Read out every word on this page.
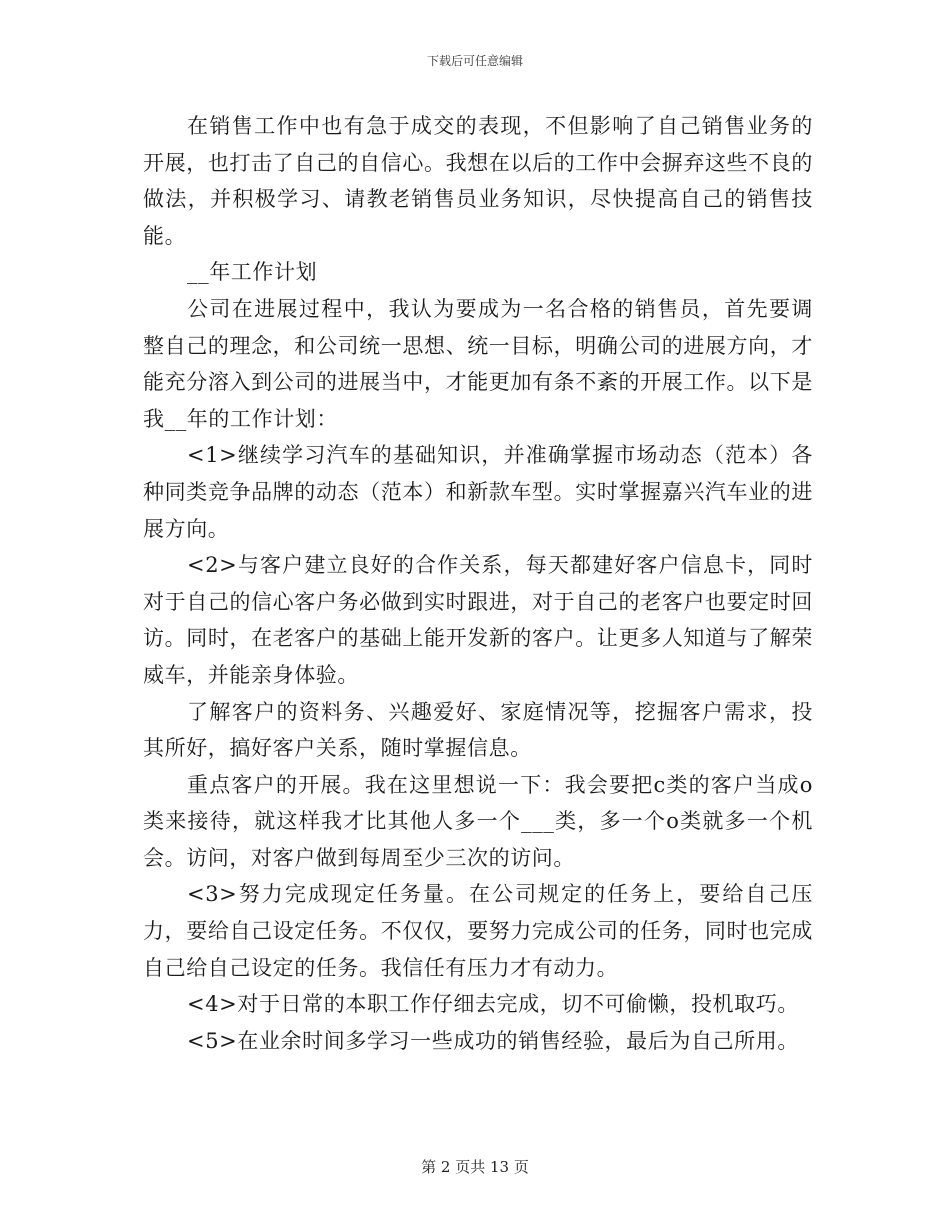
下载后可任意编辑

在销售工作中也有急于成交的表现，不但影响了自己销售业务的开展，也打击了自己的自信心。我想在以后的工作中会摒弃这些不良的做法，并积极学习、请教老销售员业务知识，尽快提高自己的销售技能。

__年工作计划

公司在进展过程中，我认为要成为一名合格的销售员，首先要调整自己的理念，和公司统一思想、统一目标，明确公司的进展方向，才能充分溶入到公司的进展当中，才能更加有条不紊的开展工作。以下是我__年的工作计划：

<1>继续学习汽车的基础知识，并准确掌握市场动态（范本）各种同类竞争品牌的动态（范本）和新款车型。实时掌握嘉兴汽车业的进展方向。

<2>与客户建立良好的合作关系，每天都建好客户信息卡，同时对于自己的信心客户务必做到实时跟进，对于自己的老客户也要定时回访。同时，在老客户的基础上能开发新的客户。让更多人知道与了解荣威车，并能亲身体验。

了解客户的资料务、兴趣爱好、家庭情况等，挖掘客户需求，投其所好，搞好客户关系，随时掌握信息。

重点客户的开展。我在这里想说一下：我会要把c类的客户当成o类来接待，就这样我才比其他人多一个___类，多一个o类就多一个机会。访问，对客户做到每周至少三次的访问。

<3>努力完成现定任务量。在公司规定的任务上，要给自己压力，要给自己设定任务。不仅仅，要努力完成公司的任务，同时也完成自己给自己设定的任务。我信任有压力才有动力。

<4>对于日常的本职工作仔细去完成，切不可偷懒，投机取巧。

<5>在业余时间多学习一些成功的销售经验，最后为自己所用。

第 2 页共 13 页
